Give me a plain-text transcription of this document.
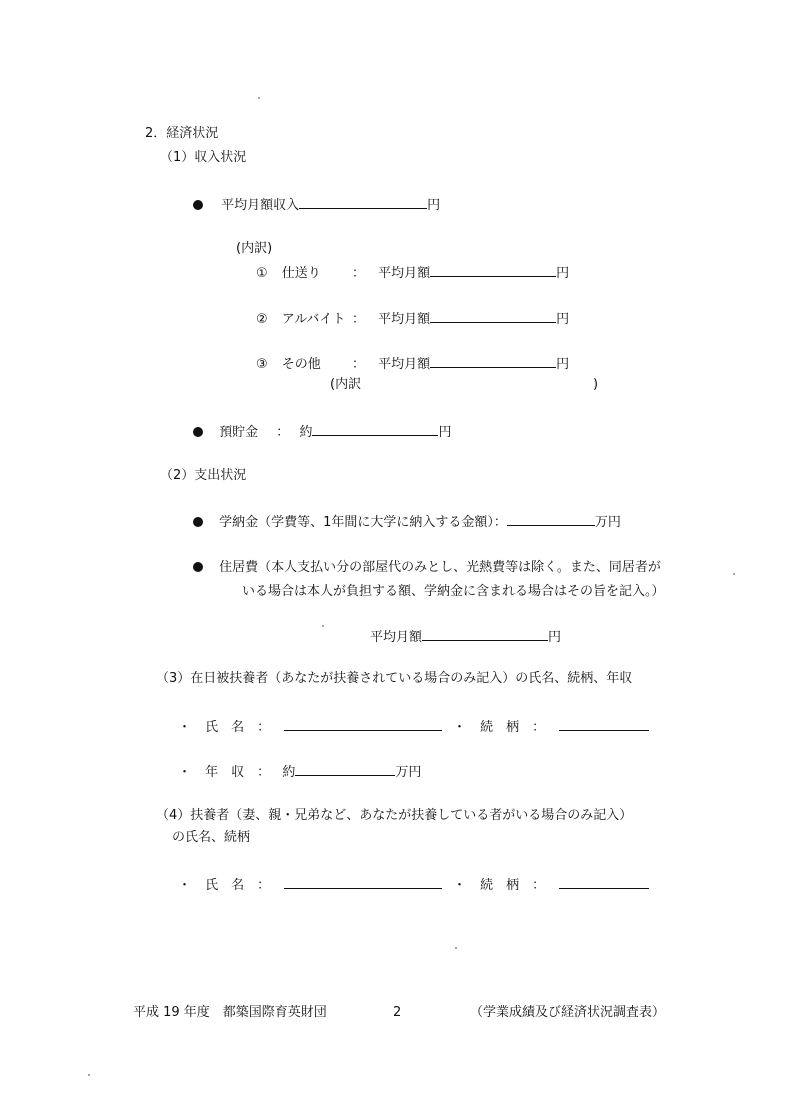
2．経済状況
（1）収入状況
平均月額収入	円
(内訳)
① 仕送り ： 平均月額	円
② アルバイト ： 平均月額	円
③ その他 ： 平均月額	円
(内訳	)
預貯金 ： 約	円
（2）支出状況
学納金（学費等、1年間に大学に納入する金額）：	万円
住居費（本人支払い分の部屋代のみとし、光熱費等は除く。また、同居者が
いる場合は本人が負担する額、学納金に含まれる場合はその旨を記入。）
平均月額	円
（3）在日被扶養者（あなたが扶養されている場合のみ記入）の氏名、続柄、年収
・ 氏　名　：	・ 続　柄　：
・ 年　収　： 約	万円
（4）扶養者（妻、親・兄弟など、あなたが扶養している者がいる場合のみ記入）
の氏名、続柄
・ 氏　名　：	・ 続　柄　：
平成 19 年度　都築国際育英財団	2	（学業成績及び経済状況調査表）
